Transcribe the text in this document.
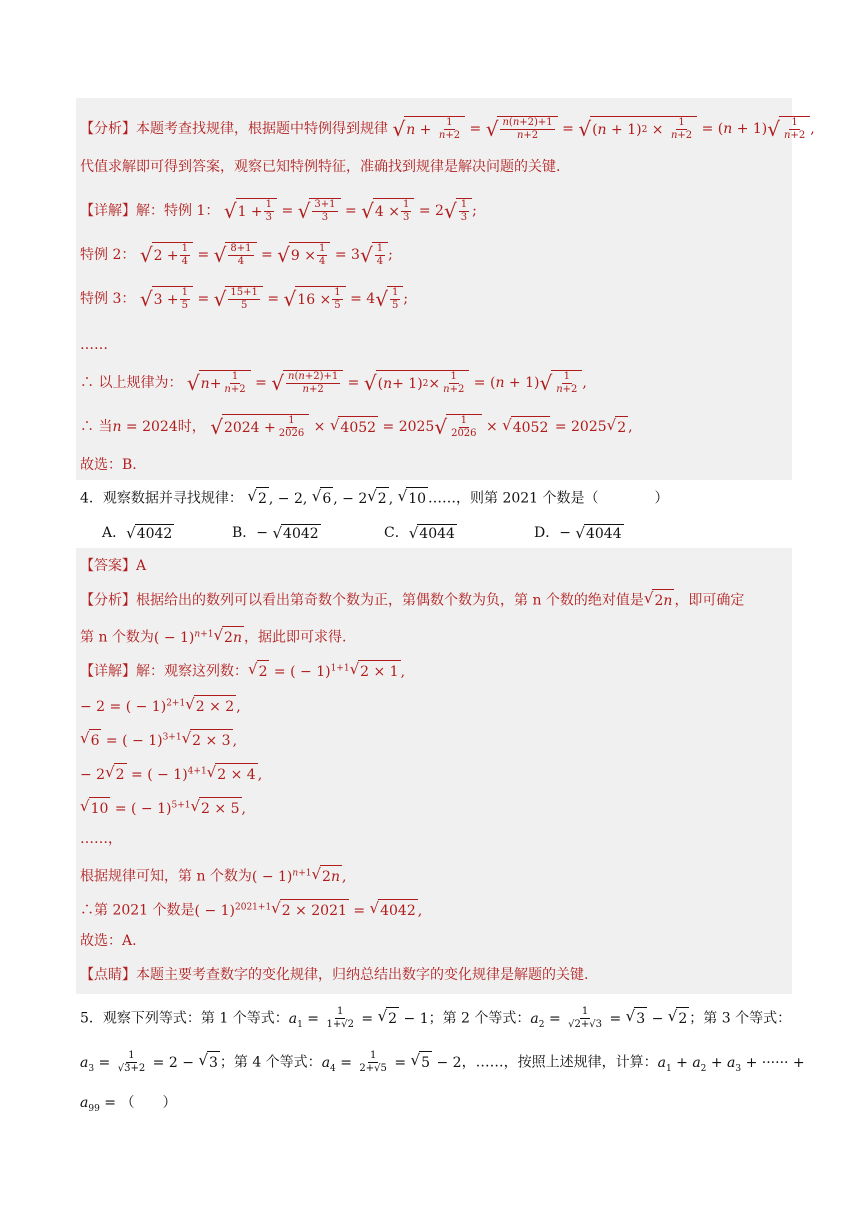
【分析】本题考查找规律，根据题中特例得到规律 √ $n + \frac{1}{n+2}$ = √ $\frac{n(n+2)+1}{n+2}$ = √ ( n + 1) $2 \times \frac{1}{n+2} = (n + 1)$ √ $\frac{1}{n+2}$ ,
代值求解即可得到答案，观察已知特例特征，准确找到规律是解决问题的关键.
【详解】解：特例 1： √ $1 + \frac{1}{3}$ = √ $\frac{3+1}{3}$ = √ $4 \times \frac{1}{3} = 2$ √ $\frac{1}{3}$ ;
特例 2： √ $2 + \frac{1}{4}$ = √ $\frac{8+1}{4}$ = √ $9 \times \frac{1}{4} = 3$ √ $\frac{1}{4}$ ;
特例 3： √ $3 + \frac{1}{5}$ = √ $\frac{15+1}{5}$ = √ $16 \times \frac{1}{5} = 4$ √ $\frac{1}{5}$ ;
……
∴ 以上规律为： √ $n + \frac{1}{n+2}$ = √ $\frac{n(n+2)+1}{n+2}$ = √ ( n + 1) $2 \times \frac{1}{n+2} = (n + 1)$ √ $\frac{1}{n+2}$ ,
∴ 当n = 2024时， √ $2024 + \frac{1}{2026}$ × √ 4052 = 2025 √ $\frac{1}{2026}$ × √ 4052 = 2025 √ 2 ,
故选：B.
4．观察数据并寻找规律： √ 2 , − 2, √ 6 , − 2 √ 2 , √ 10 ……，则第 2021 个数是（　　　　）
A． √ 4042	B．− √ 4042	C． √ 4044	D．− √ 4044
【答案】A
【分析】根据给出的数列可以看出第奇数个数为正，第偶数个数为负，第 n 个数的绝对值是 √ 2 n ，即可确定
第 n 个数为( − 1)$^{n+1}$ √ 2 n ，据此即可求得.
【详解】解：观察这列数： √ 2 = ( − 1)$^{1+1}$ √ 2 × 1 ,
− 2 = ( − 1)$^{2+1}$ √ 2 × 2 ,
√ 6 = ( − 1)$^{3+1}$ √ 2 × 3 ,
− 2 √ 2 = ( − 1)$^{4+1}$ √ 2 × 4 ,
√ 10 = ( − 1)$^{5+1}$ √ 2 × 5 ,
……，
根据规律可知，第 n 个数为( − 1)$^{n+1}$ √ 2 n ,
∴第 2021 个数是( − 1)$^{2021+1}$ √ 2 × 2021 = √ 4042 ,
故选：A.
【点睛】本题主要考查数字的变化规律，归纳总结出数字的变化规律是解题的关键.
5．观察下列等式：第 1 个等式：$a_1 = \frac{1}{1+√2}$ = √ 2 − 1；第 2 个等式：$a_2 = \frac{1}{√2+√3}$ = √ 3 − √ 2 ；第 3 个等式：
$a_3 = \frac{1}{√3+2} = 2$ − √ 3 ；第 4 个等式：$a_4 = \frac{1}{2+√5}$ = √ 5 − 2，……，按照上述规律，计算：$a_1 + a_2 + a_3$ + ······ +
$a_{99}$ = （　　）
